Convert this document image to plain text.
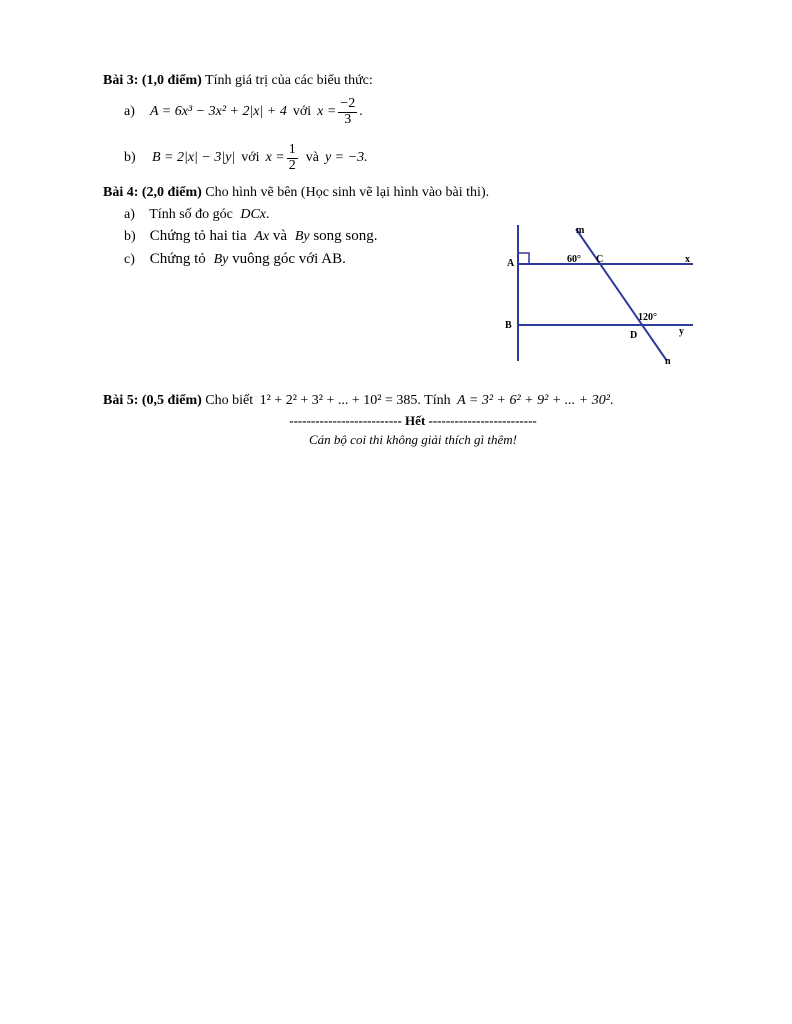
Bài 3: (1,0 điểm) Tính giá trị của các biểu thức:
a)	A = 6x³ − 3x² + 2|x| + 4 với $x = \frac{-2}{3}$ .
b)	B = 2|x| − 3|y| với $x = \frac{1}{2}$ và y = −3.
Bài 4: (2,0 điểm) Cho hình vẽ bên (Học sinh vẽ lại hình vào bài thi).
a) Tính số đo góc DCx.
b) Chứng tỏ hai tia Ax và By song song.
c) Chứng tỏ By vuông góc với AB.
m
A	60° C	x
B
120°
y
D
n
Bài 5: (0,5 điểm) Cho biết 1² + 2² + 3² + ... + 10² = 385. Tính A = 3² + 6² + 9² + ... + 30².
-------------------------- Hết -------------------------
Cán bộ coi thi không giải thích gì thêm!
